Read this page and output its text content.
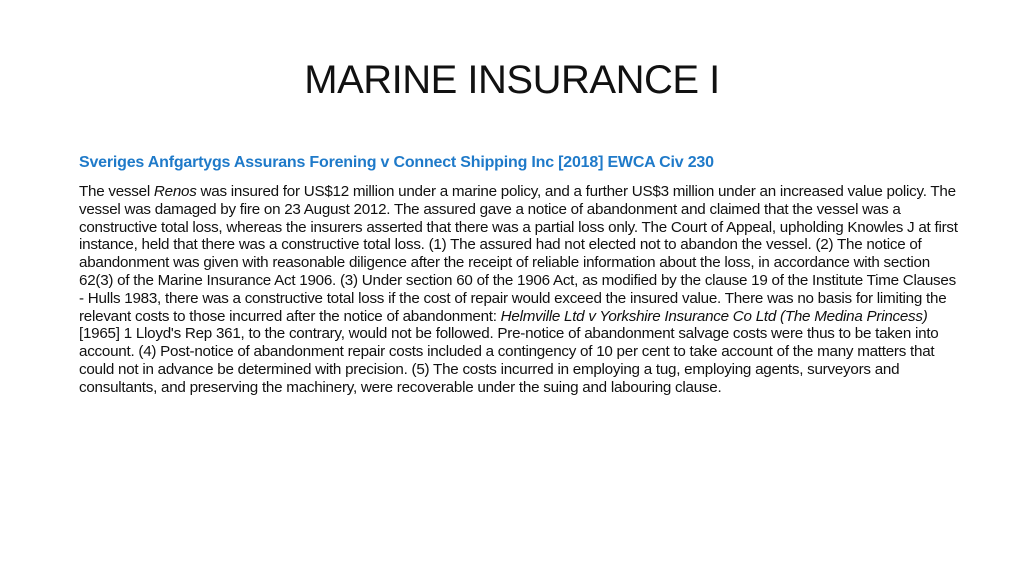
MARINE INSURANCE I

Sveriges Anfgartygs Assurans Forening v Connect Shipping Inc [2018] EWCA Civ 230

The vessel Renos was insured for US$12 million under a marine policy, and a further US$3 million under an increased value policy. The vessel was damaged by fire on 23 August 2012. The assured gave a notice of abandonment and claimed that the vessel was a constructive total loss, whereas the insurers asserted that there was a partial loss only. The Court of Appeal, upholding Knowles J at first instance, held that there was a constructive total loss. (1) The assured had not elected not to abandon the vessel. (2) The notice of abandonment was given with reasonable diligence after the receipt of reliable information about the loss, in accordance with section 62(3) of the Marine Insurance Act 1906. (3) Under section 60 of the 1906 Act, as modified by the clause 19 of the Institute Time Clauses - Hulls 1983, there was a constructive total loss if the cost of repair would exceed the insured value. There was no basis for limiting the relevant costs to those incurred after the notice of abandonment: Helmville Ltd v Yorkshire Insurance Co Ltd (The Medina Princess) [1965] 1 Lloyd's Rep 361, to the contrary, would not be followed. Pre-notice of abandonment salvage costs were thus to be taken into account. (4) Post-notice of abandonment repair costs included a contingency of 10 per cent to take account of the many matters that could not in advance be determined with precision. (5) The costs incurred in employing a tug, employing agents, surveyors and consultants, and preserving the machinery, were recoverable under the suing and labouring clause.
